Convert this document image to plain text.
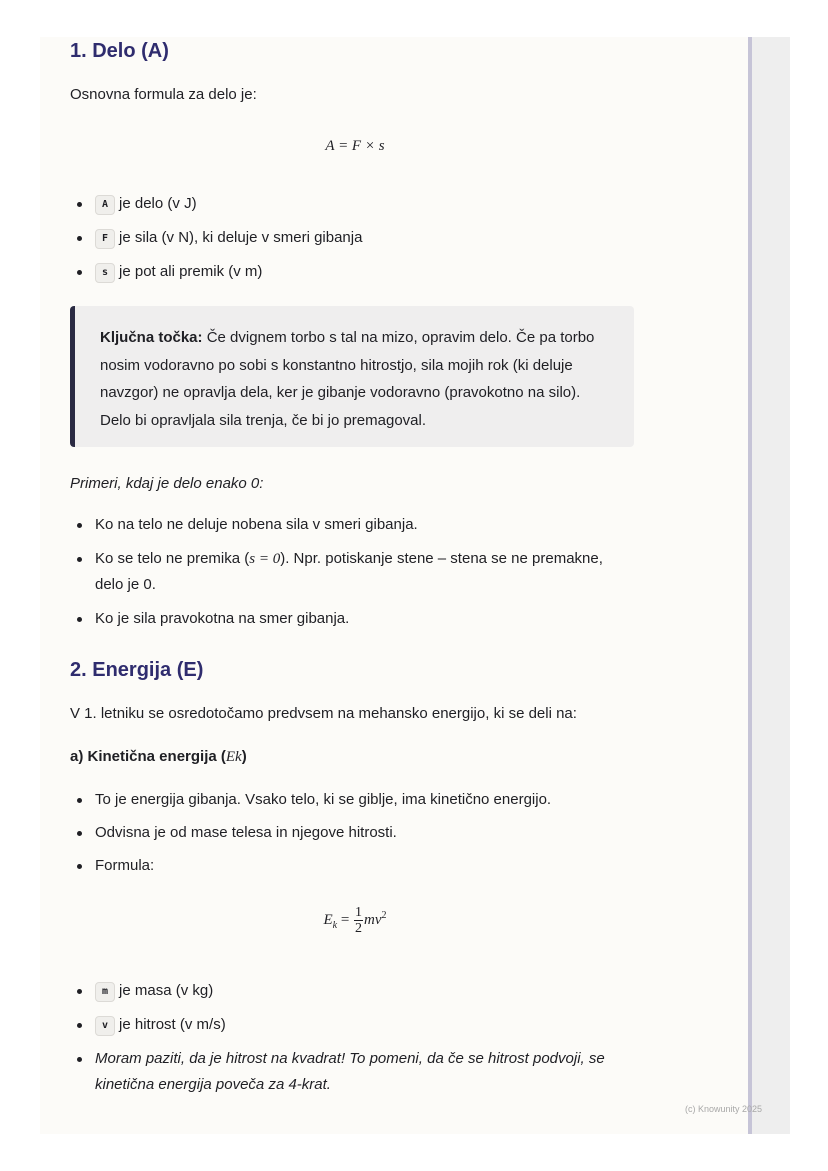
1. Delo (A)

Osnovna formula za delo je:

A = F × s
A je delo (v J)
F je sila (v N), ki deluje v smeri gibanja
s je pot ali premik (v m)

Ključna točka: Če dvignem torbo s tal na mizo, opravim delo. Če pa torbo nosim vodoravno po sobi s konstantno hitrostjo, sila mojih rok (ki deluje navzgor) ne opravlja dela, ker je gibanje vodoravno (pravokotno na silo). Delo bi opravljala sila trenja, če bi jo premagoval.

Primeri, kdaj je delo enako 0:

Ko na telo ne deluje nobena sila v smeri gibanja.
Ko se telo ne premika (s = 0). Npr. potiskanje stene – stena se ne premakne, delo je 0.
Ko je sila pravokotna na smer gibanja.
2. Energija (E)

V 1. letniku se osredotočamo predvsem na mehansko energijo, ki se deli na:

a) Kinetična energija (Ek)

To je energija gibanja. Vsako telo, ki se giblje, ima kinetično energijo.
Odvisna je od mase telesa in njegove hitrosti.
Formula:
$E_k = \frac{1}{2} mv^2$
m je masa (v kg)
v je hitrost (v m/s)
Moram paziti, da je hitrost na kvadrat! To pomeni, da če se hitrost podvoji, se kinetična energija poveča za 4-krat.
(c) Knowunity 2025
